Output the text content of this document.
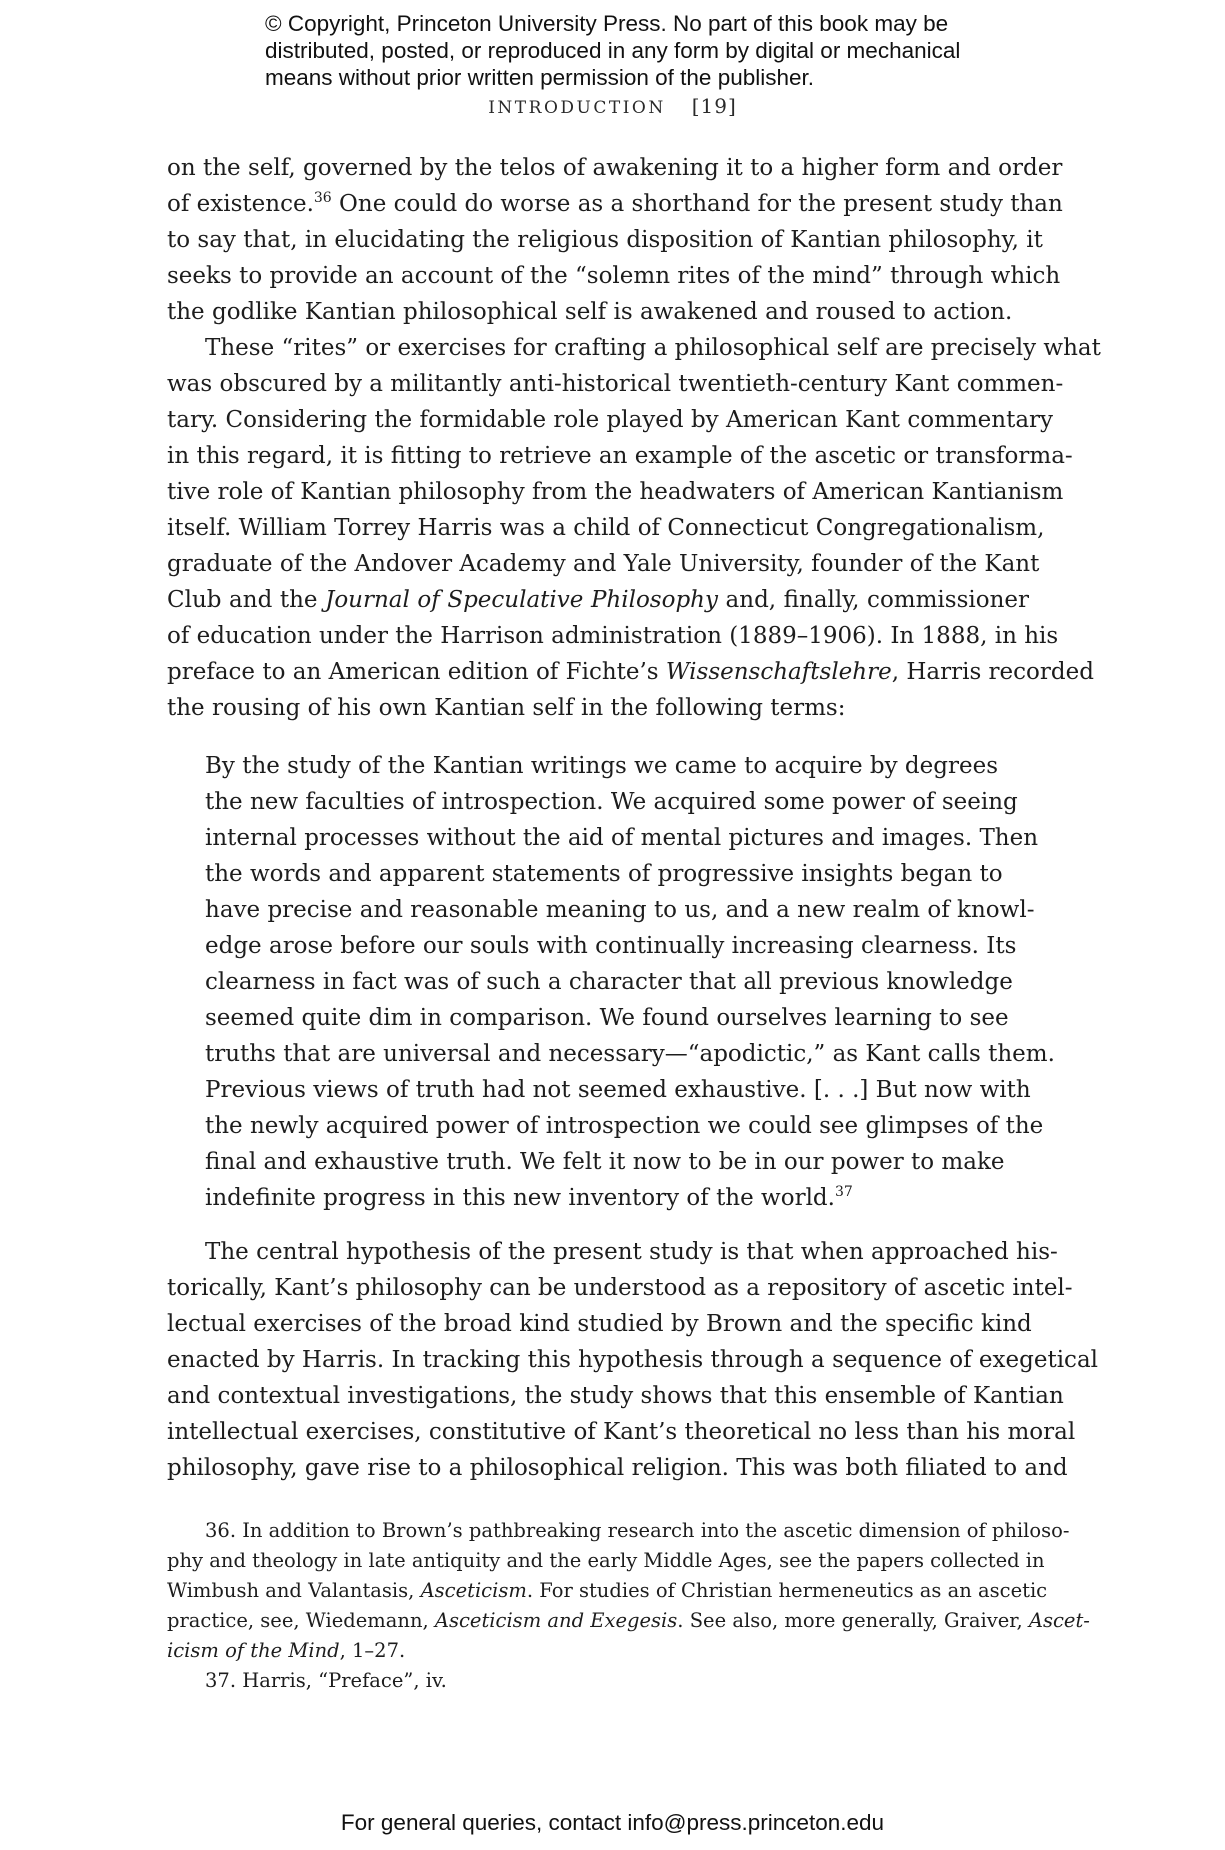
© Copyright, Princeton University Press. No part of this book may be
distributed, posted, or reproduced in any form by digital or mechanical
means without prior written permission of the publisher.
INTRODUCTION [19]

on the self, governed by the telos of awakening it to a higher form and order
of existence.$^{36}$ One could do worse as a shorthand for the present study than
to say that, in elucidating the religious disposition of Kantian philosophy, it
seeks to provide an account of the “solemn rites of the mind” through which
the godlike Kantian philosophical self is awakened and roused to action.

These “rites” or exercises for crafting a philosophical self are precisely what
was obscured by a militantly anti-historical twentieth-century Kant commen-
tary. Considering the formidable role played by American Kant commentary
in this regard, it is fitting to retrieve an example of the ascetic or transforma-
tive role of Kantian philosophy from the headwaters of American Kantianism
itself. William Torrey Harris was a child of Connecticut Congregationalism,
graduate of the Andover Academy and Yale University, founder of the Kant
Club and the Journal of Speculative Philosophy and, finally, commissioner
of education under the Harrison administration (1889–1906). In 1888, in his
preface to an American edition of Fichte’s Wissenschaftslehre, Harris recorded
the rousing of his own Kantian self in the following terms:

By the study of the Kantian writings we came to acquire by degrees
the new faculties of introspection. We acquired some power of seeing
internal processes without the aid of mental pictures and images. Then
the words and apparent statements of progressive insights began to
have precise and reasonable meaning to us, and a new realm of knowl-
edge arose before our souls with continually increasing clearness. Its
clearness in fact was of such a character that all previous knowledge
seemed quite dim in comparison. We found ourselves learning to see
truths that are universal and necessary—“apodictic,” as Kant calls them.
Previous views of truth had not seemed exhaustive. [. . .] But now with
the newly acquired power of introspection we could see glimpses of the
final and exhaustive truth. We felt it now to be in our power to make
indefinite progress in this new inventory of the world.$^{37}$

The central hypothesis of the present study is that when approached his-
torically, Kant’s philosophy can be understood as a repository of ascetic intel-
lectual exercises of the broad kind studied by Brown and the specific kind
enacted by Harris. In tracking this hypothesis through a sequence of exegetical
and contextual investigations, the study shows that this ensemble of Kantian
intellectual exercises, constitutive of Kant’s theoretical no less than his moral
philosophy, gave rise to a philosophical religion. This was both filiated to and

36. In addition to Brown’s pathbreaking research into the ascetic dimension of philoso-
phy and theology in late antiquity and the early Middle Ages, see the papers collected in
Wimbush and Valantasis, Asceticism. For studies of Christian hermeneutics as an ascetic
practice, see, Wiedemann, Asceticism and Exegesis. See also, more generally, Graiver, Ascet-
icism of the Mind, 1–27.
37. Harris, “Preface”, iv.
For general queries, contact info@press.princeton.edu
